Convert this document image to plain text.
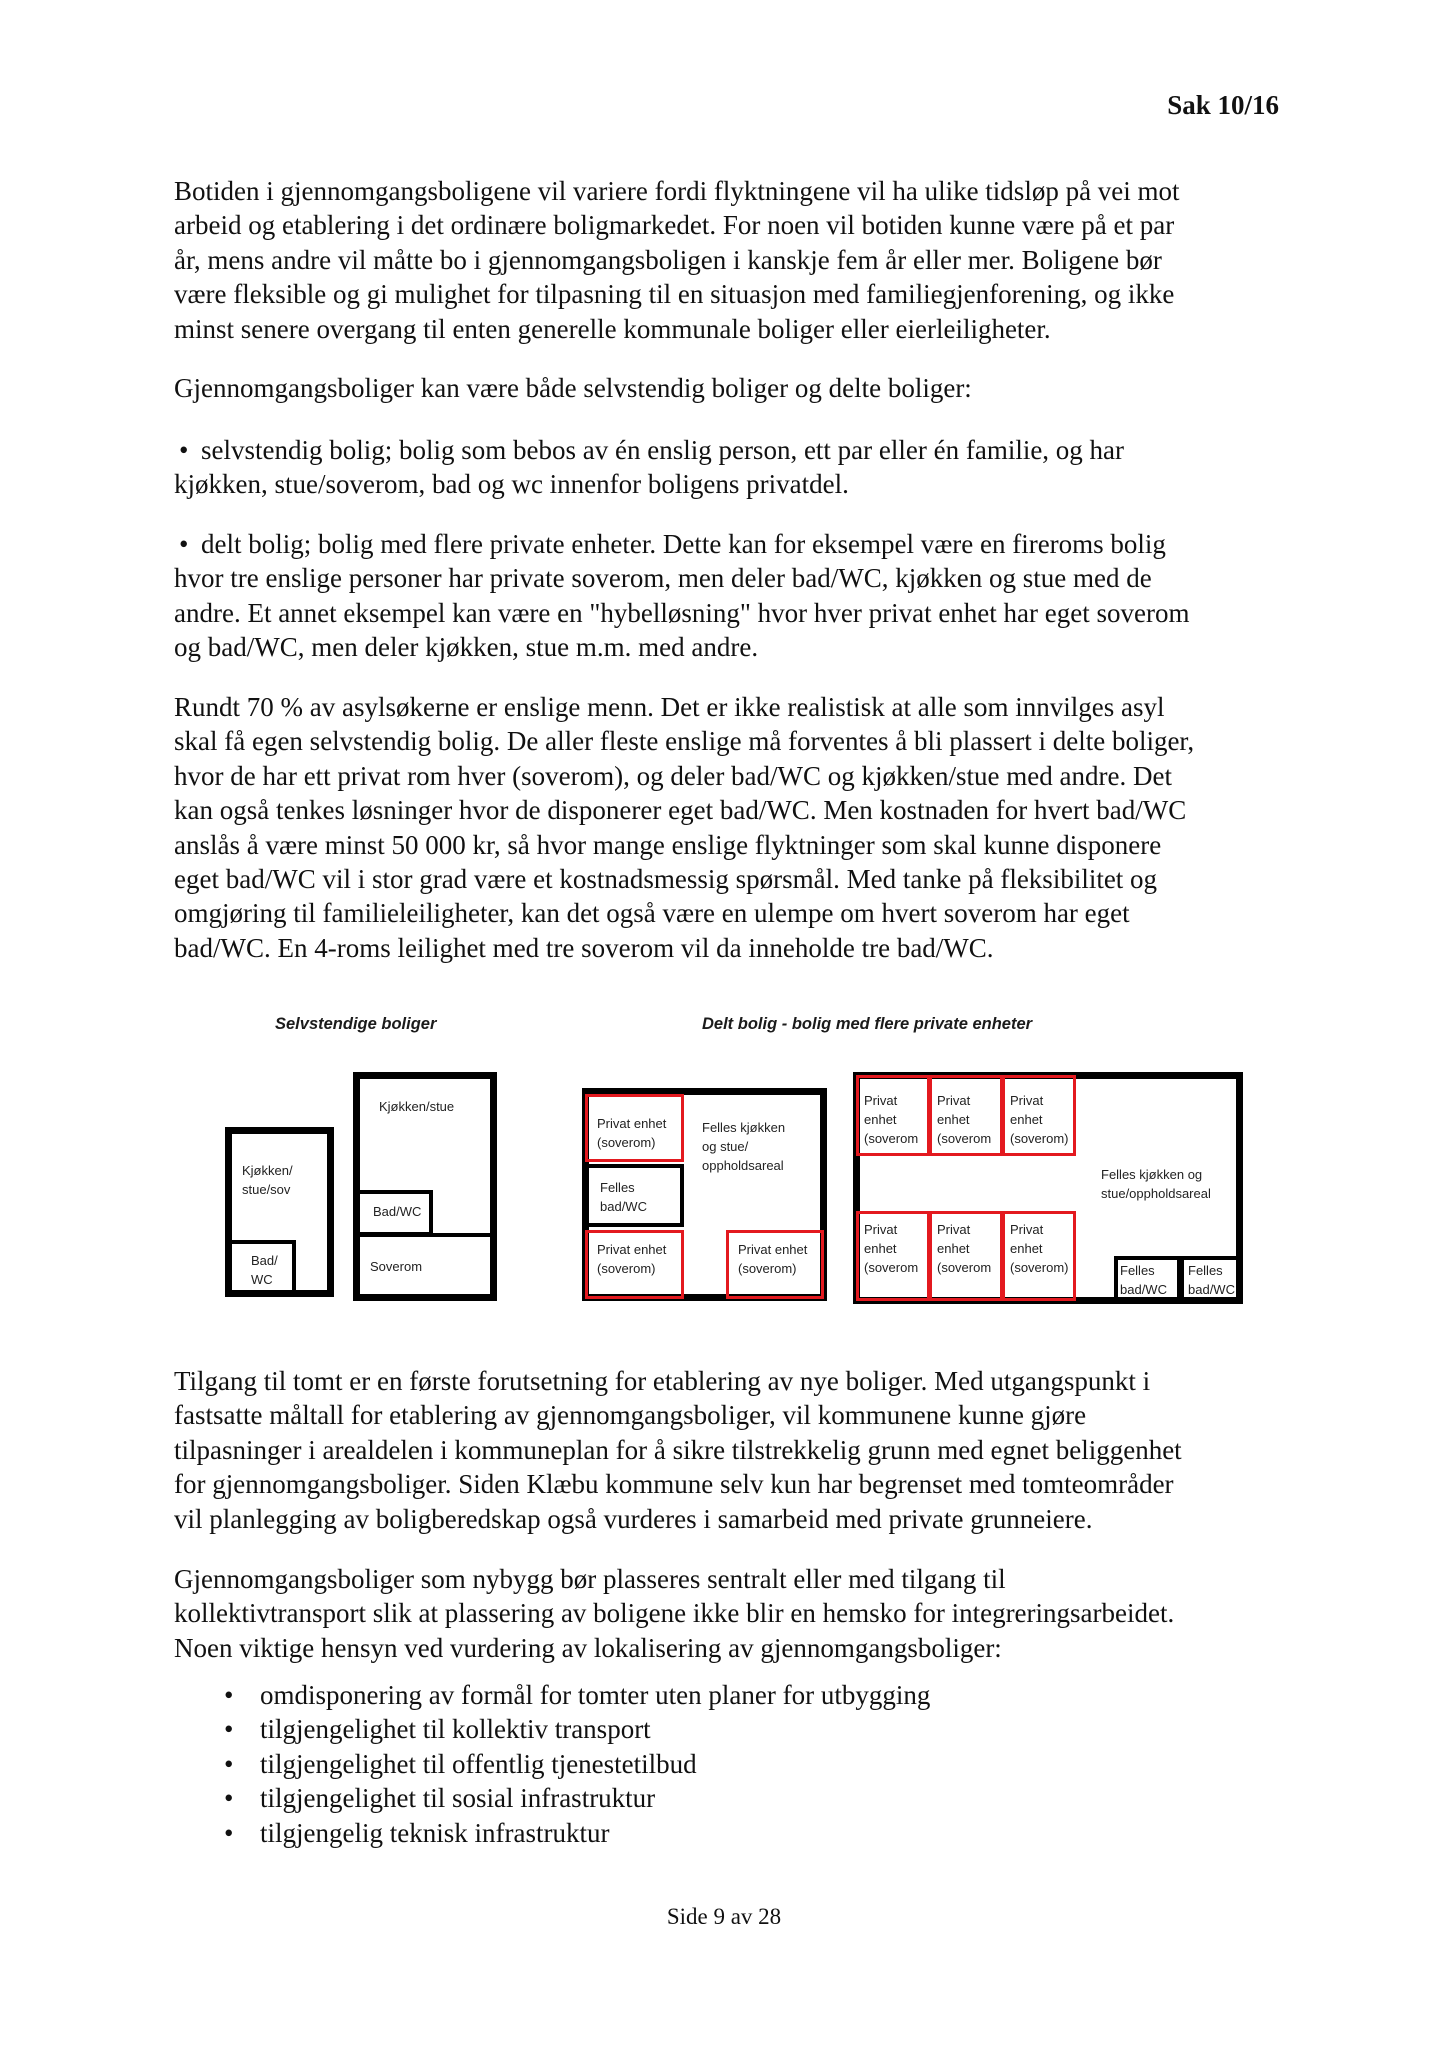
Sak 10/16
Botiden i gjennomgangsboligene vil variere fordi flyktningene vil ha ulike tidsløp på vei mot
arbeid og etablering i det ordinære boligmarkedet. For noen vil botiden kunne være på et par
år, mens andre vil måtte bo i gjennomgangsboligen i kanskje fem år eller mer. Boligene bør
være fleksible og gi mulighet for tilpasning til en situasjon med familiegjenforening, og ikke
minst senere overgang til enten generelle kommunale boliger eller eierleiligheter.
Gjennomgangsboliger kan være både selvstendig boliger og delte boliger:
• selvstendig bolig; bolig som bebos av én enslig person, ett par eller én familie, og har
kjøkken, stue/soverom, bad og wc innenfor boligens privatdel.
• delt bolig; bolig med flere private enheter. Dette kan for eksempel være en fireroms bolig
hvor tre enslige personer har private soverom, men deler bad/WC, kjøkken og stue med de
andre. Et annet eksempel kan være en "hybelløsning" hvor hver privat enhet har eget soverom
og bad/WC, men deler kjøkken, stue m.m. med andre.
Rundt 70 % av asylsøkerne er enslige menn. Det er ikke realistisk at alle som innvilges asyl
skal få egen selvstendig bolig. De aller fleste enslige må forventes å bli plassert i delte boliger,
hvor de har ett privat rom hver (soverom), og deler bad/WC og kjøkken/stue med andre. Det
kan også tenkes løsninger hvor de disponerer eget bad/WC. Men kostnaden for hvert bad/WC
anslås å være minst 50 000 kr, så hvor mange enslige flyktninger som skal kunne disponere
eget bad/WC vil i stor grad være et kostnadsmessig spørsmål. Med tanke på fleksibilitet og
omgjøring til familieleiligheter, kan det også være en ulempe om hvert soverom har eget
bad/WC. En 4-roms leilighet med tre soverom vil da inneholde tre bad/WC.
Selvstendige boliger	Delt bolig - bolig med flere private enheter
Kjøkken/
stue/sov
Bad/
WC
Kjøkken/stue
Bad/WC
Soverom
Privat enhet
(soverom)
Felles
bad/WC
Privat enhet
(soverom)
Felles kjøkken
og stue/
oppholdsareal
Privat enhet
(soverom)
Privat
enhet
(soverom
Privat
enhet
(soverom
Privat
enhet
(soverom)
Privat
enhet
(soverom
Privat
enhet
(soverom
Privat
enhet
(soverom)
Felles kjøkken og
stue/oppholdsareal
Felles
bad/WC
Felles
bad/WC
Tilgang til tomt er en første forutsetning for etablering av nye boliger. Med utgangspunkt i
fastsatte måltall for etablering av gjennomgangsboliger, vil kommunene kunne gjøre
tilpasninger i arealdelen i kommuneplan for å sikre tilstrekkelig grunn med egnet beliggenhet
for gjennomgangsboliger. Siden Klæbu kommune selv kun har begrenset med tomteområder
vil planlegging av boligberedskap også vurderes i samarbeid med private grunneiere.
Gjennomgangsboliger som nybygg bør plasseres sentralt eller med tilgang til
kollektivtransport slik at plassering av boligene ikke blir en hemsko for integreringsarbeidet.
Noen viktige hensyn ved vurdering av lokalisering av gjennomgangsboliger:
• omdisponering av formål for tomter uten planer for utbygging
• tilgjengelighet til kollektiv transport
• tilgjengelighet til offentlig tjenestetilbud
• tilgjengelighet til sosial infrastruktur
• tilgjengelig teknisk infrastruktur
Side 9 av 28
